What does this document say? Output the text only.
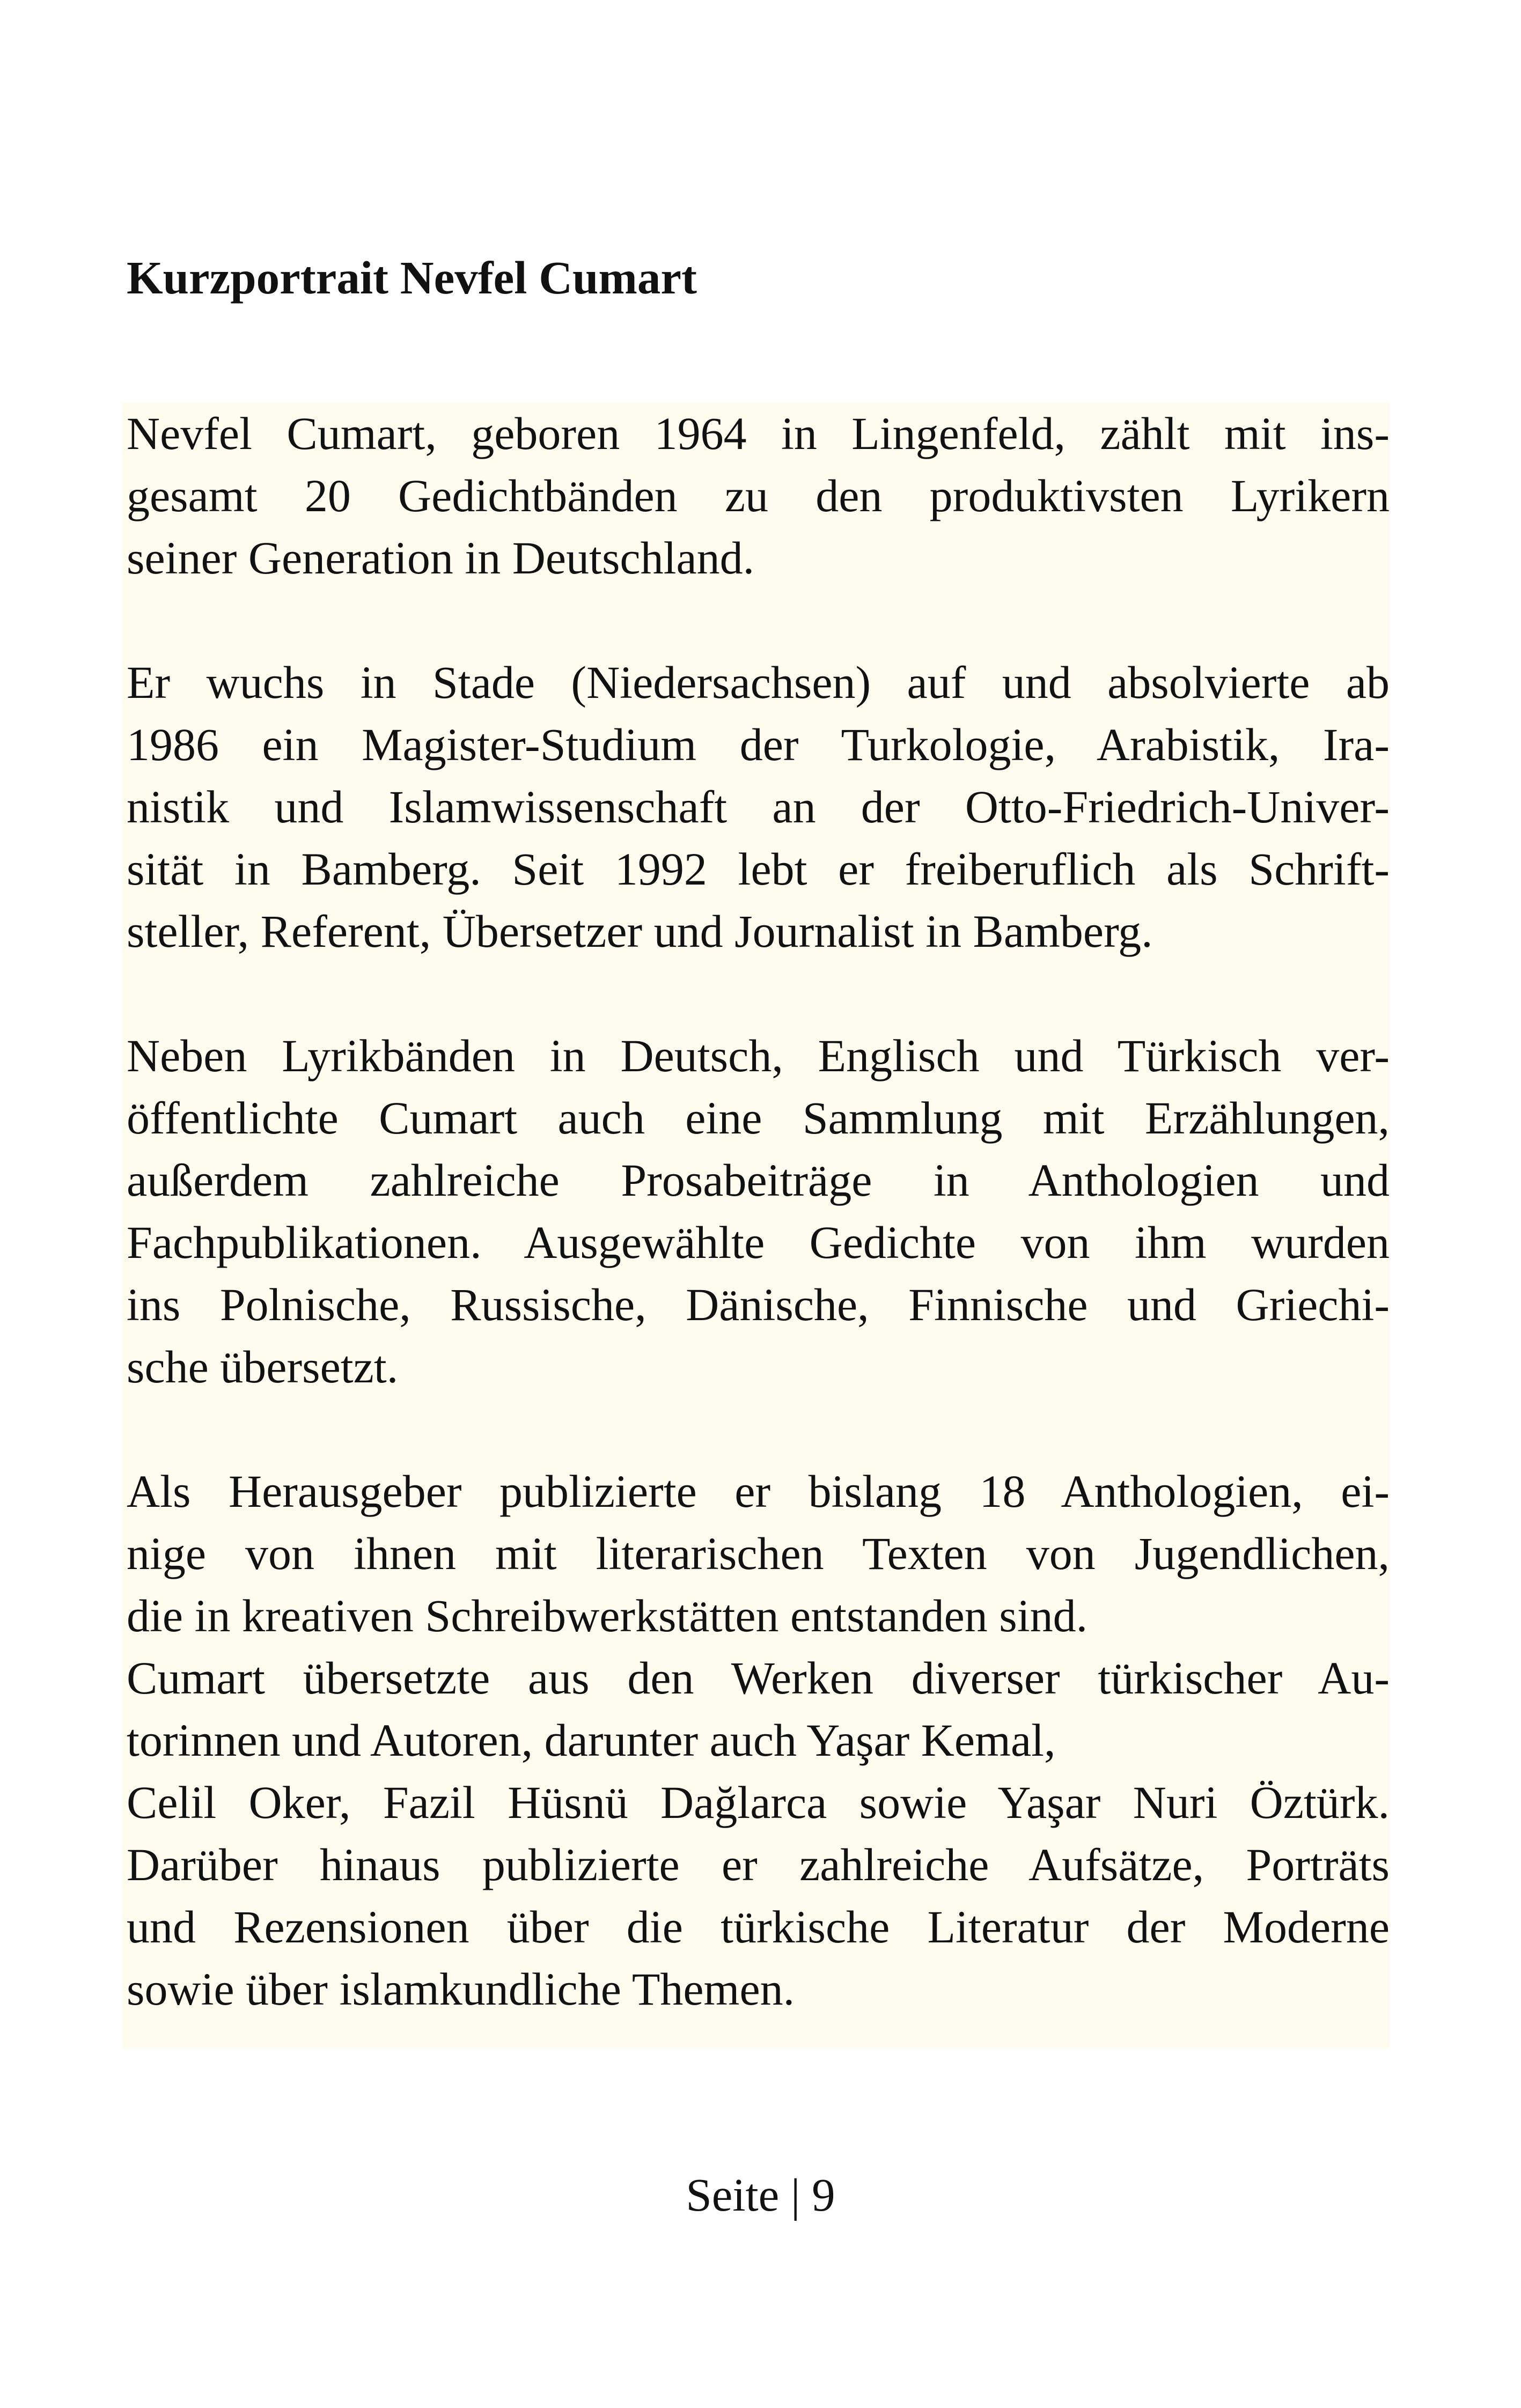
Kurzportrait Nevfel Cumart

Nevfel Cumart, geboren 1964 in Lingenfeld, zählt mit ins-
gesamt 20 Gedichtbänden zu den produktivsten Lyrikern
seiner Generation in Deutschland.

Er wuchs in Stade (Niedersachsen) auf und absolvierte ab
1986 ein Magister-Studium der Turkologie, Arabistik, Ira-
nistik und Islamwissenschaft an der Otto-Friedrich-Univer-
sität in Bamberg. Seit 1992 lebt er freiberuflich als Schrift-
steller, Referent, Übersetzer und Journalist in Bamberg.

Neben Lyrikbänden in Deutsch, Englisch und Türkisch ver-
öffentlichte Cumart auch eine Sammlung mit Erzählungen,
außerdem zahlreiche Prosabeiträge in Anthologien und
Fachpublikationen. Ausgewählte Gedichte von ihm wurden
ins Polnische, Russische, Dänische, Finnische und Griechi-
sche übersetzt.

Als Herausgeber publizierte er bislang 18 Anthologien, ei-
nige von ihnen mit literarischen Texten von Jugendlichen,
die in kreativen Schreibwerkstätten entstanden sind.
Cumart übersetzte aus den Werken diverser türkischer Au-
torinnen und Autoren, darunter auch Yaşar Kemal,
Celil Oker, Fazil Hüsnü Dağlarca sowie Yaşar Nuri Öztürk.
Darüber hinaus publizierte er zahlreiche Aufsätze, Porträts
und Rezensionen über die türkische Literatur der Moderne
sowie über islamkundliche Themen.

Seite | 9
